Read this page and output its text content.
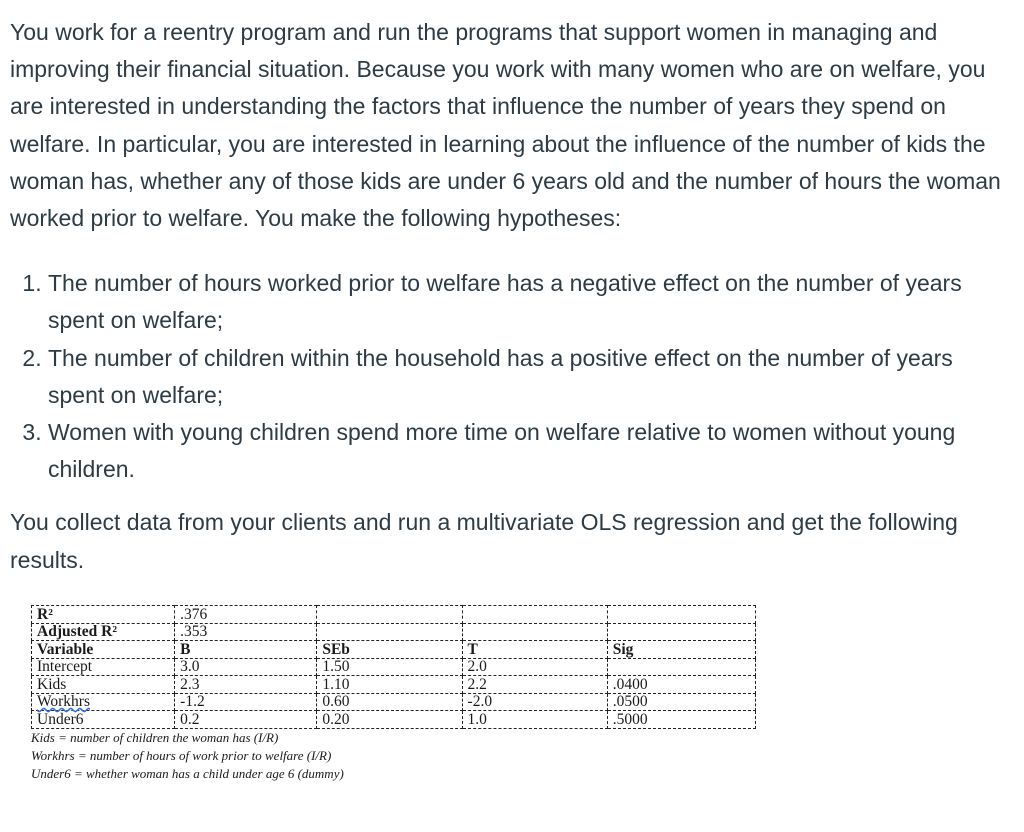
You work for a reentry program and run the programs that support women in managing and improving their financial situation. Because you work with many women who are on welfare, you are interested in understanding the factors that influence the number of years they spend on welfare. In particular, you are interested in learning about the influence of the number of kids the woman has, whether any of those kids are under 6 years old and the number of hours the woman worked prior to welfare. You make the following hypotheses:

1. The number of hours worked prior to welfare has a negative effect on the number of years spent on welfare;
2. The number of children within the household has a positive effect on the number of years spent on welfare;
3. Women with young children spend more time on welfare relative to women without young children.

You collect data from your clients and run a multivariate OLS regression and get the following results.

R²	.376			
Adjusted R²	.353			
Variable	B	SEb	T	Sig
Intercept	3.0	1.50	2.0	
Kids	2.3	1.10	2.2	.0400
Workhrs	-1.2	0.60	-2.0	.0500
Under6	0.2	0.20	1.0	.5000
Kids = number of children the woman has (I/R)
Workhrs = number of hours of work prior to welfare (I/R)
Under6 = whether woman has a child under age 6 (dummy)
